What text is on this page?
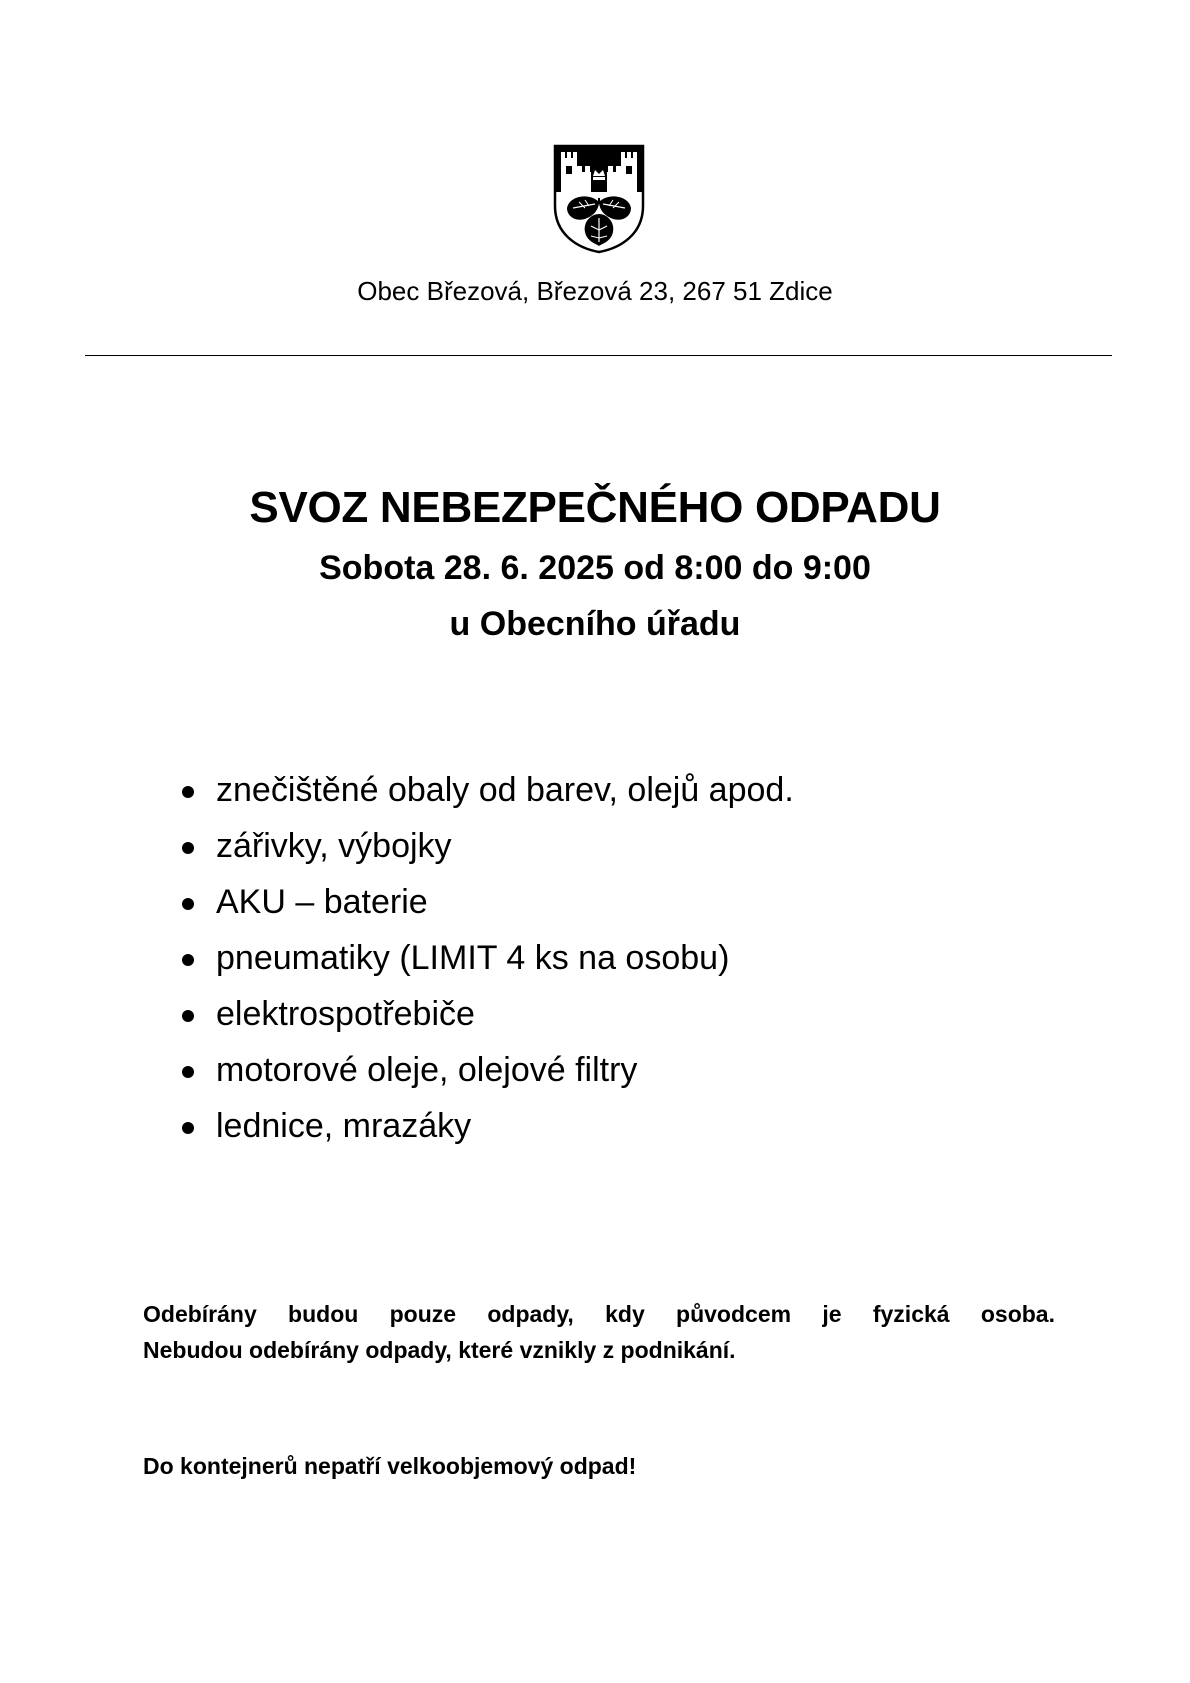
Obec Březová, Březová 23, 267 51 Zdice
SVOZ NEBEZPEČNÉHO ODPADU
Sobota 28. 6. 2025 od 8:00 do 9:00
u Obecního úřadu
znečištěné obaly od barev, olejů apod.
zářivky, výbojky
AKU – baterie
pneumatiky (LIMIT 4 ks na osobu)
elektrospotřebiče
motorové oleje, olejové filtry
lednice, mrazáky
Odebírány budou pouze odpady, kdy původcem je fyzická osoba.
Nebudou odebírány odpady, které vznikly z podnikání.
Do kontejnerů nepatří velkoobjemový odpad!
